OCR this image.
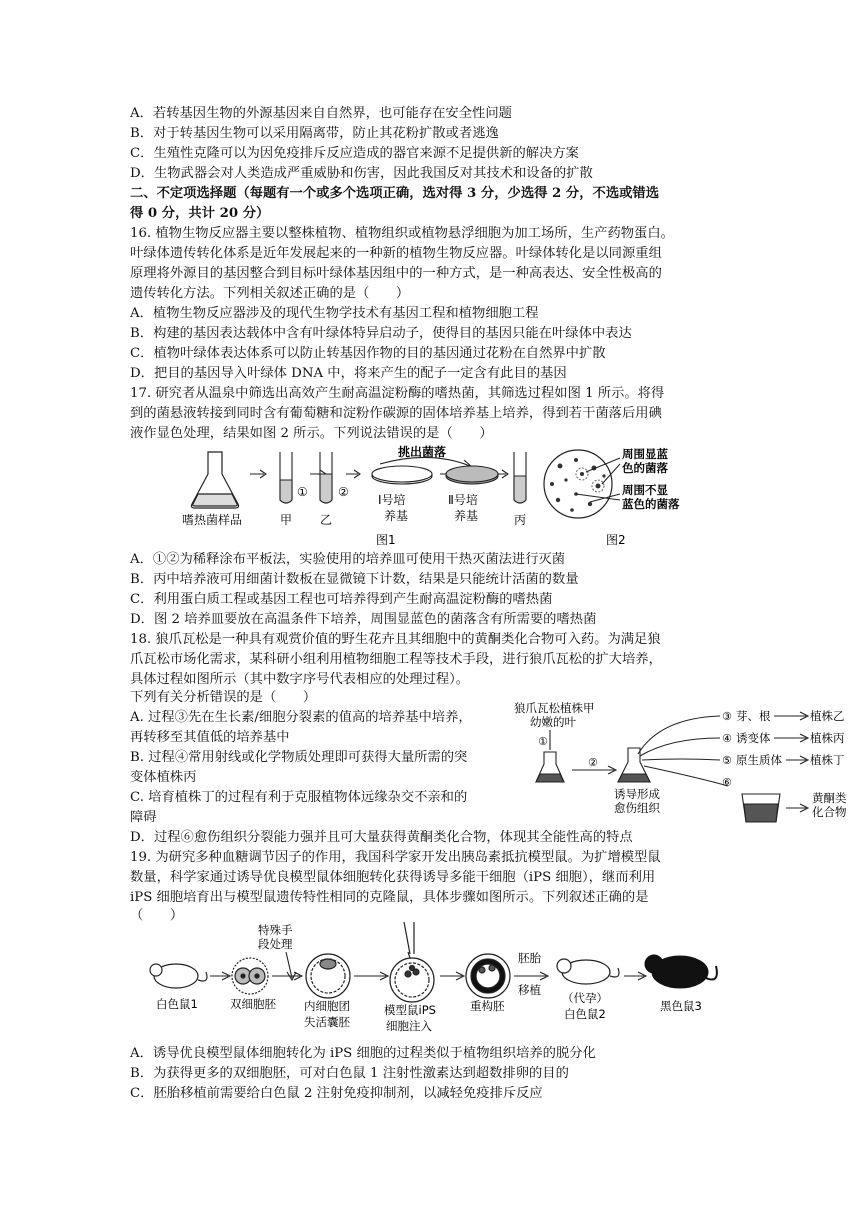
A．若转基因生物的外源基因来自自然界，也可能存在安全性问题
B．对于转基因生物可以采用隔离带，防止其花粉扩散或者逃逸
C．生殖性克隆可以为因免疫排斥反应造成的器官来源不足提供新的解决方案
D．生物武器会对人类造成严重威胁和伤害，因此我国反对其技术和设备的扩散
二、不定项选择题（每题有一个或多个选项正确，选对得 3 分，少选得 2 分，不选或错选
得 0 分，共计 20 分）
16. 植物生物反应器主要以整株植物、植物组织或植物悬浮细胞为加工场所，生产药物蛋白。
叶绿体遗传转化体系是近年发展起来的一种新的植物生物反应器。叶绿体转化是以同源重组
原理将外源目的基因整合到目标叶绿体基因组中的一种方式，是一种高表达、安全性极高的
遗传转化方法。下列相关叙述正确的是（　　）
A．植物生物反应器涉及的现代生物学技术有基因工程和植物细胞工程
B．构建的基因表达载体中含有叶绿体特异启动子，使得目的基因只能在叶绿体中表达
C．植物叶绿体表达体系可以防止转基因作物的目的基因通过花粉在自然界中扩散
D．把目的基因导入叶绿体 DNA 中，将来产生的配子一定含有此目的基因
17. 研究者从温泉中筛选出高效产生耐高温淀粉酶的嗜热菌，其筛选过程如图 1 所示。将得
到的菌悬液转接到同时含有葡萄糖和淀粉作碳源的固体培养基上培养，得到若干菌落后用碘
液作显色处理，结果如图 2 所示。下列说法错误的是（　　）
嗜热菌样品	甲
①
乙
②
挑出菌落
Ⅰ号培
养基
Ⅱ号培
养基	丙
图1
周围显蓝
色的菌落
周围不显
蓝色的菌落
图2
A．①②为稀释涂布平板法，实验使用的培养皿可使用干热灭菌法进行灭菌
B．丙中培养液可用细菌计数板在显微镜下计数，结果是只能统计活菌的数量
C．利用蛋白质工程或基因工程也可培养得到产生耐高温淀粉酶的嗜热菌
D．图 2 培养皿要放在高温条件下培养，周围显蓝色的菌落含有所需要的嗜热菌
18. 狼爪瓦松是一种具有观赏价值的野生花卉且其细胞中的黄酮类化合物可入药。为满足狼
爪瓦松市场化需求，某科研小组利用植物细胞工程等技术手段，进行狼爪瓦松的扩大培养，
具体过程如图所示（其中数字序号代表相应的处理过程）。
下列有关分析错误的是（　　）
A. 过程③先在生长素/细胞分裂素的值高的培养基中培养，
再转移至其值低的培养基中
B. 过程④常用射线或化学物质处理即可获得大量所需的突
变体植株丙
C. 培育植株丁的过程有利于克服植物体远缘杂交不亲和的
障碍
D．过程⑥愈伤组织分裂能力强并且可大量获得黄酮类化合物，体现其全能性高的特点
狼爪瓦松植株甲
幼嫩的叶
①
②
诱导形成
愈伤组织
③ 芽、根
④ 诱变体
⑤ 原生质体
⑥
植株乙
植株丙
植株丁
黄酮类
化合物
19. 为研究多种血糖调节因子的作用，我国科学家开发出胰岛素抵抗模型鼠。为扩增模型鼠
数量，科学家通过诱导优良模型鼠体细胞转化获得诱导多能干细胞（iPS 细胞），继而利用
iPS 细胞培育出与模型鼠遗传特性相同的克隆鼠，具体步骤如图所示。下列叙述正确的是
（　　）
特殊手
段处理
白色鼠1	双细胞胚 内细胞团
失活囊胚
模型鼠iPS
细胞注入
重构胚
胚胎
移植
（代孕）
白色鼠2
黑色鼠3
A．诱导优良模型鼠体细胞转化为 iPS 细胞的过程类似于植物组织培养的脱分化
B．为获得更多的双细胞胚，可对白色鼠 1 注射性激素达到超数排卵的目的
C．胚胎移植前需要给白色鼠 2 注射免疫抑制剂，以减轻免疫排斥反应
